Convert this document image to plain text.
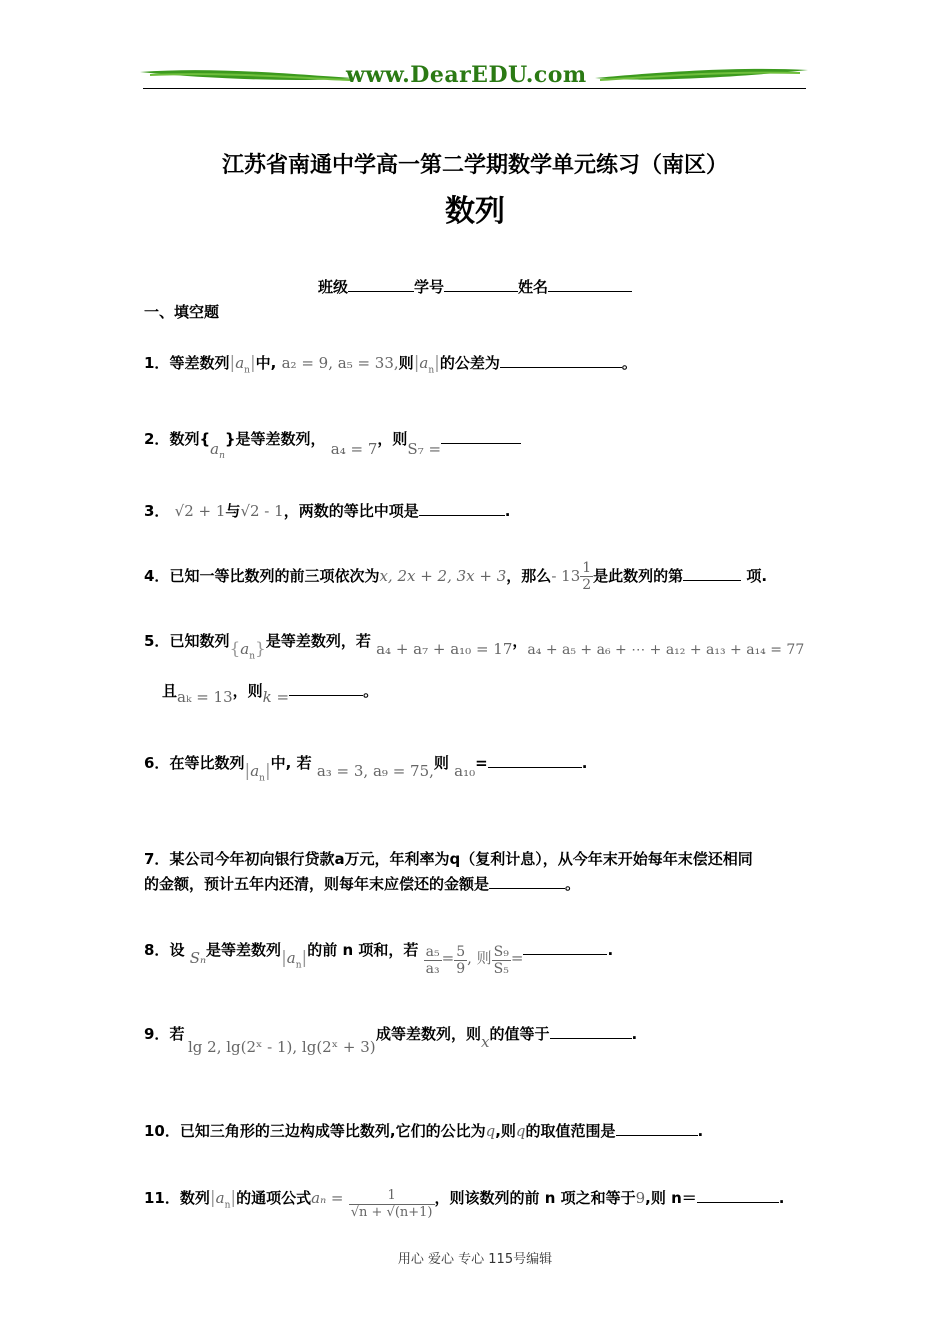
www.DearEDU.com
江苏省南通中学高一第二学期数学单元练习（南区）
数列
班级	学号	姓名
一、填空题
1．等差数列$|a_n|$中, a₂ = 9, a₅ = 33,则$|a_n|$的公差为	。
2．数列$\{a_n\}$是等差数列， a₄ = 7，则S₇ =
3． √2 + 1与√2 - 1，两数的等比中项是	.
4．已知一等比数列的前三项依次为x, 2x + 2, 3x + 3，那么- $13 \frac{1}{2}$ 是此数列的第	项.
5．已知数列$\{a_n\}$是等差数列，若 a₄ + a₇ + a₁₀ = 17，a₄ + a₅ + a₆ + ⋯ + a₁₂ + a₁₃ + a₁₄ = 77
且aₖ = 13，则k =	。
6．在等比数列$|a_n|$中, 若 a₃ = 3, a₉ = 75,则 a₁₀=	.
7．某公司今年初向银行贷款a万元，年利率为q（复利计息），从今年末开始每年末偿还相同
的金额，预计五年内还清，则每年末应偿还的金额是	。
8．设 Sₙ是等差数列$|a_n|$的前 n 项和，若 $\frac{\text{a₅}}{\text{a₃}} = \frac{5}{9}$ , 则 $\frac{\text{S₉}}{\text{S₅}}$ =	.
9．若
lg 2, lg(2ˣ - 1), lg(2ˣ + 3)
成等差数列，则x的值等于	.
10．已知三角形的三边构成等比数列,它们的公比为q,则q的取值范围是	.
11．数列$|a_n|$的通项公式$a_n = \frac{1}{√n + √(n+1)}$ ，则该数列的前 n 项之和等于9,则 n＝	.
用心 爱心 专心 115号编辑
